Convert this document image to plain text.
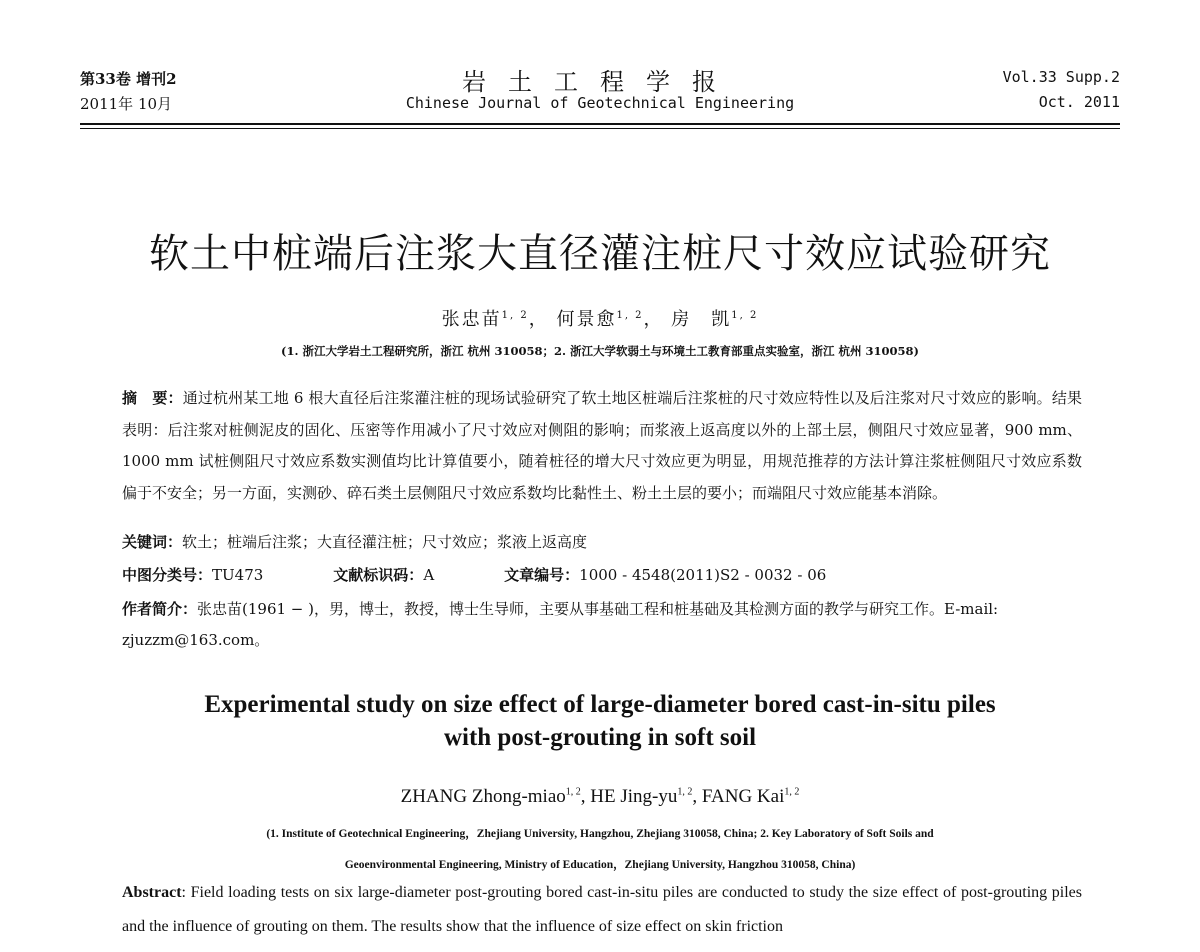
第33卷 增刊2
2011年 10月
岩土工程学报
Chinese Journal of Geotechnical Engineering
Vol.33 Supp.2
Oct. 2011
软土中桩端后注浆大直径灌注桩尺寸效应试验研究
张忠苗$^{1, 2}$， 何景愈$^{1, 2}$， 房　凯$^{1, 2}$
(1. 浙江大学岩土工程研究所，浙江 杭州 310058；2. 浙江大学软弱土与环境土工教育部重点实验室，浙江 杭州 310058)

摘　要：通过杭州某工地 6 根大直径后注浆灌注桩的现场试验研究了软土地区桩端后注浆桩的尺寸效应特性以及后注浆对尺寸效应的影响。结果表明：后注浆对桩侧泥皮的固化、压密等作用减小了尺寸效应对侧阻的影响；而浆液上返高度以外的上部土层，侧阻尺寸效应显著，900 mm、1000 mm 试桩侧阻尺寸效应系数实测值均比计算值要小，随着桩径的增大尺寸效应更为明显，用规范推荐的方法计算注浆桩侧阻尺寸效应系数偏于不安全；另一方面，实测砂、碎石类土层侧阻尺寸效应系数均比黏性土、粉土土层的要小；而端阻尺寸效应能基本消除。

关键词：软土；桩端后注浆；大直径灌注桩；尺寸效应；浆液上返高度
中图分类号：TU473	文献标识码：A	文章编号：1000 - 4548(2011)S2 - 0032 - 06
作者简介：张忠苗(1961 − )，男，博士，教授，博士生导师，主要从事基础工程和桩基础及其检测方面的教学与研究工作。E-mail: zjuzzm@163.com。
Experimental study on size effect of large-diameter bored cast-in-situ piles
with post-grouting in soft soil
ZHANG Zhong-miao$^{1, 2}$, HE Jing-yu$^{1, 2}$, FANG Kai$^{1, 2}$
(1. Institute of Geotechnical Engineering，Zhejiang University, Hangzhou, Zhejiang 310058, China; 2. Key Laboratory of Soft Soils and
Geoenvironmental Engineering, Ministry of Education，Zhejiang University, Hangzhou 310058, China)
Abstract: Field loading tests on six large-diameter post-grouting bored cast-in-situ piles are conducted to study the size effect of post-grouting piles and the influence of grouting on them. The results show that the influence of size effect on skin friction
